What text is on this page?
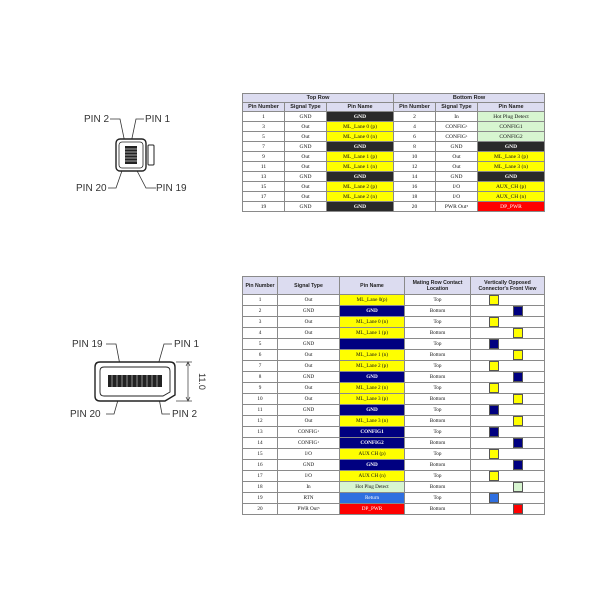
PIN 2	PIN 1
PIN 20	PIN 19
PIN 19	PIN 1
PIN 20	PIN 2
11.0
Top Row			Bottom Row		
Pin Number	Signal Type	Pin Name	Pin Number	Signal Type	Pin Name
1	GND	GND	2	In	Hot Plug Detect
3	Out	ML_Lane 0 (p)	4	CONFIG$^1$	CONFIG1
5	Out	ML_Lane 0 (n)	6	CONFIG$^1$	CONFIG2
7	GND	GND	8	GND	GND
9	Out	ML_Lane 1 (p)	10	Out	ML_Lane 3 (p)
11	Out	ML_Lane 1 (n)	12	Out	ML_Lane 3 (n)
13	GND	GND	14	GND	GND
15	Out	ML_Lane 2 (p)	16	I/O	AUX_CH (p)
17	Out	ML_Lane 2 (n)	18	I/O	AUX_CH (n)
19	GND	GND	20	PWR Out$^3$	DP_PWR
Pin Number	Signal Type	Pin Name	Mating Row Contact Location	Vertically Opposed Connector's Front View
1	Out	ML_Lane 0(p)	Top	

2	GND	GND	Bottom	

3	Out	ML_Lane 0 (n)	Top	

4	Out	ML_Lane 1 (p)	Bottom	

5	GND		Top	

6	Out	ML_Lane 1 (n)	Bottom	

7	Out	ML_Lane 2 (p)	Top	

8	GND	GND	Bottom	

9	Out	ML_Lane 2 (n)	Top	

10	Out	ML_Lane 3 (p)	Bottom	

11	GND	GND	Top	

12	Out	ML_Lane 3 (n)	Bottom	

13	CONFIG$^1$	CONFIG1	Top	

14	CONFIG$^1$	CONFIG2	Bottom	

15	I/O	AUX CH (p)	Top	

16	GND	GND	Bottom	

17	I/O	AUX CH (n)	Top	

18	In	Hot Plug Detect	Bottom	

19	RTN	Return	Top	

20	PWR Out$^3$	DP_PWR	Bottom	
